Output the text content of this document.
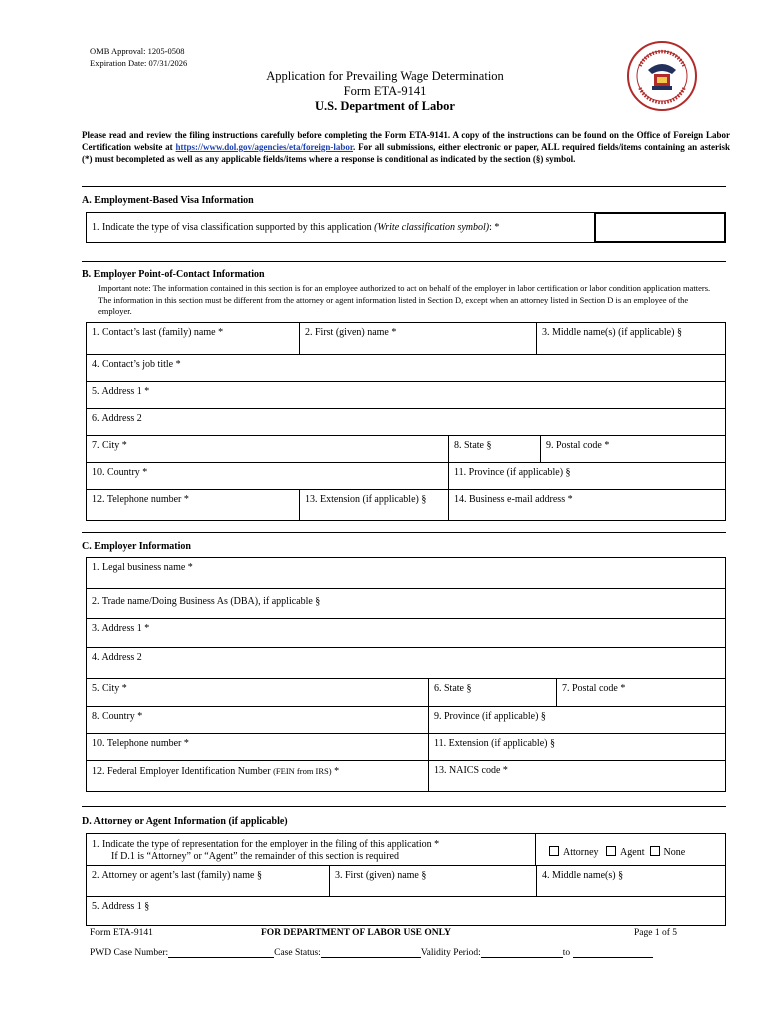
OMB Approval: 1205-0508
Expiration Date: 07/31/2026
Application for Prevailing Wage Determination
Form ETA-9141
U.S. Department of Labor
Please read and review the filing instructions carefully before completing the Form ETA-9141. A copy of the instructions can be found on the Office of Foreign Labor Certification website at https://www.dol.gov/agencies/eta/foreign-labor. For all submissions, either electronic or paper, ALL required fields/items containing an asterisk (*) must becompleted as well as any applicable fields/items where a response is conditional as indicated by the section (§) symbol.
A. Employment-Based Visa Information
1. Indicate the type of visa classification supported by this application (Write classification symbol): *
B. Employer Point-of-Contact Information
Important note: The information contained in this section is for an employee authorized to act on behalf of the employer in labor certification or labor condition application matters. The information in this section must be different from the attorney or agent information listed in Section D, except when an attorney listed in Section D is an employee of the employer.
1. Contact’s last (family) name *	2. First (given) name *	3. Middle name(s) (if applicable) §
4. Contact’s job title *
5. Address 1 *
6. Address 2
7. City *	8. State §	9. Postal code *
10. Country *	11. Province (if applicable) §
12. Telephone number *	13. Extension (if applicable) §	14. Business e-mail address *
C. Employer Information
1. Legal business name *
2. Trade name/Doing Business As (DBA), if applicable §
3. Address 1 *
4. Address 2
5. City *	6. State §	7. Postal code *
8. Country *	9. Province (if applicable) §
10. Telephone number *	11. Extension (if applicable) §
12. Federal Employer Identification Number (FEIN from IRS) *	13. NAICS code *
D. Attorney or Agent Information (if applicable)
1. Indicate the type of representation for the employer in the filing of this application *
If D.1 is “Attorney” or “Agent” the remainder of this section is required	Attorney Agent None
2. Attorney or agent’s last (family) name §	3. First (given) name §	4. Middle name(s) §
5. Address 1 §
Form ETA-9141	FOR DEPARTMENT OF LABOR USE ONLY	Page 1 of 5
PWD Case Number:	Case Status:	Validity Period:	to
